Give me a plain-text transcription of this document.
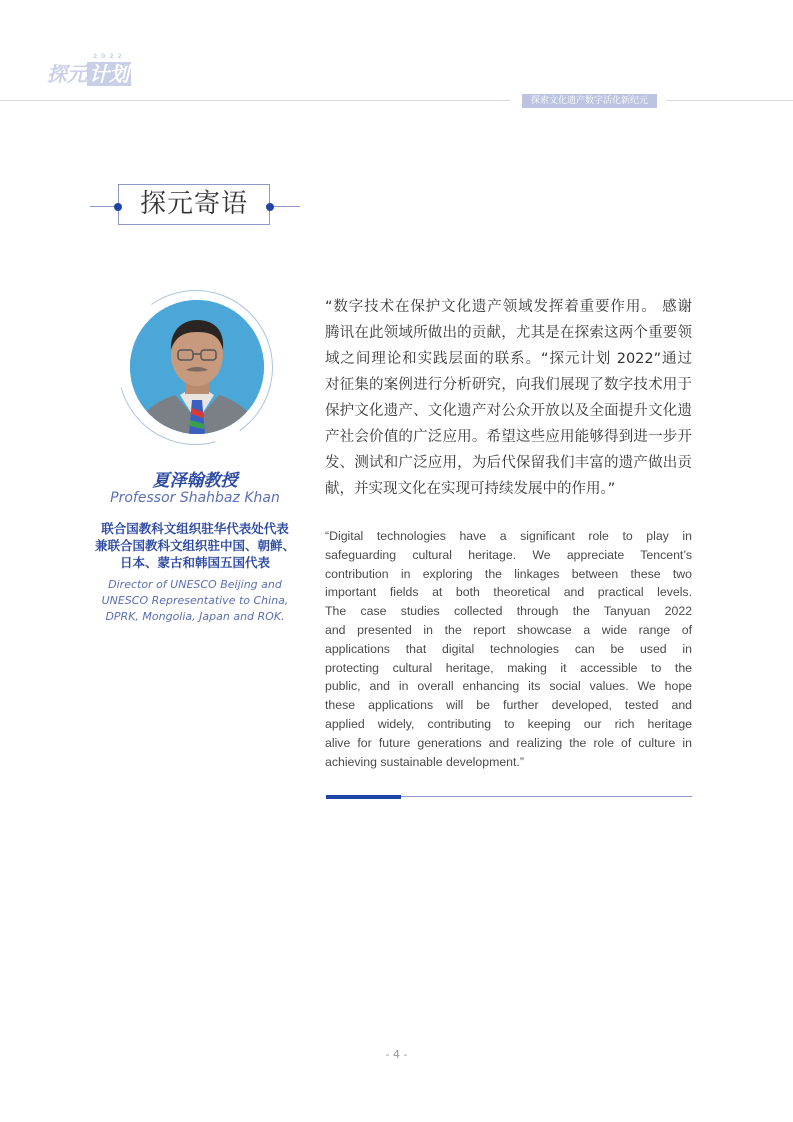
2022
探元 计划
探索文化遗产数字活化新纪元
探元寄语
夏泽翰教授
Professor Shahbaz Khan
联合国教科文组织驻华代表处代表
兼联合国教科文组织驻中国、朝鲜、
日本、蒙古和韩国五国代表
Director of UNESCO Beijing and
UNESCO Representative to China,
DPRK, Mongolia, Japan and ROK.
“数字技术在保护文化遗产领域发挥着重要作用。 感谢
腾讯在此领域所做出的贡献，尤其是在探索这两个重要领
域之间理论和实践层面的联系。“探元计划 2022”通过
对征集的案例进行分析研究，向我们展现了数字技术用于
保护文化遗产、文化遗产对公众开放以及全面提升文化遗
产社会价值的广泛应用。希望这些应用能够得到进一步开
发、测试和广泛应用，为后代保留我们丰富的遗产做出贡
献，并实现文化在实现可持续发展中的作用。”
“Digital technologies have a significant role to play in
safeguarding cultural heritage. We appreciate Tencent’s
contribution in exploring the linkages between these two
important fields at both theoretical and practical levels.
The case studies collected through the Tanyuan 2022
and presented in the report showcase a wide range of
applications that digital technologies can be used in
protecting cultural heritage, making it accessible to the
public, and in overall enhancing its social values. We hope
these applications will be further developed, tested and
applied widely, contributing to keeping our rich heritage
alive for future generations and realizing the role of culture in
achieving sustainable development.”
- 4 -
